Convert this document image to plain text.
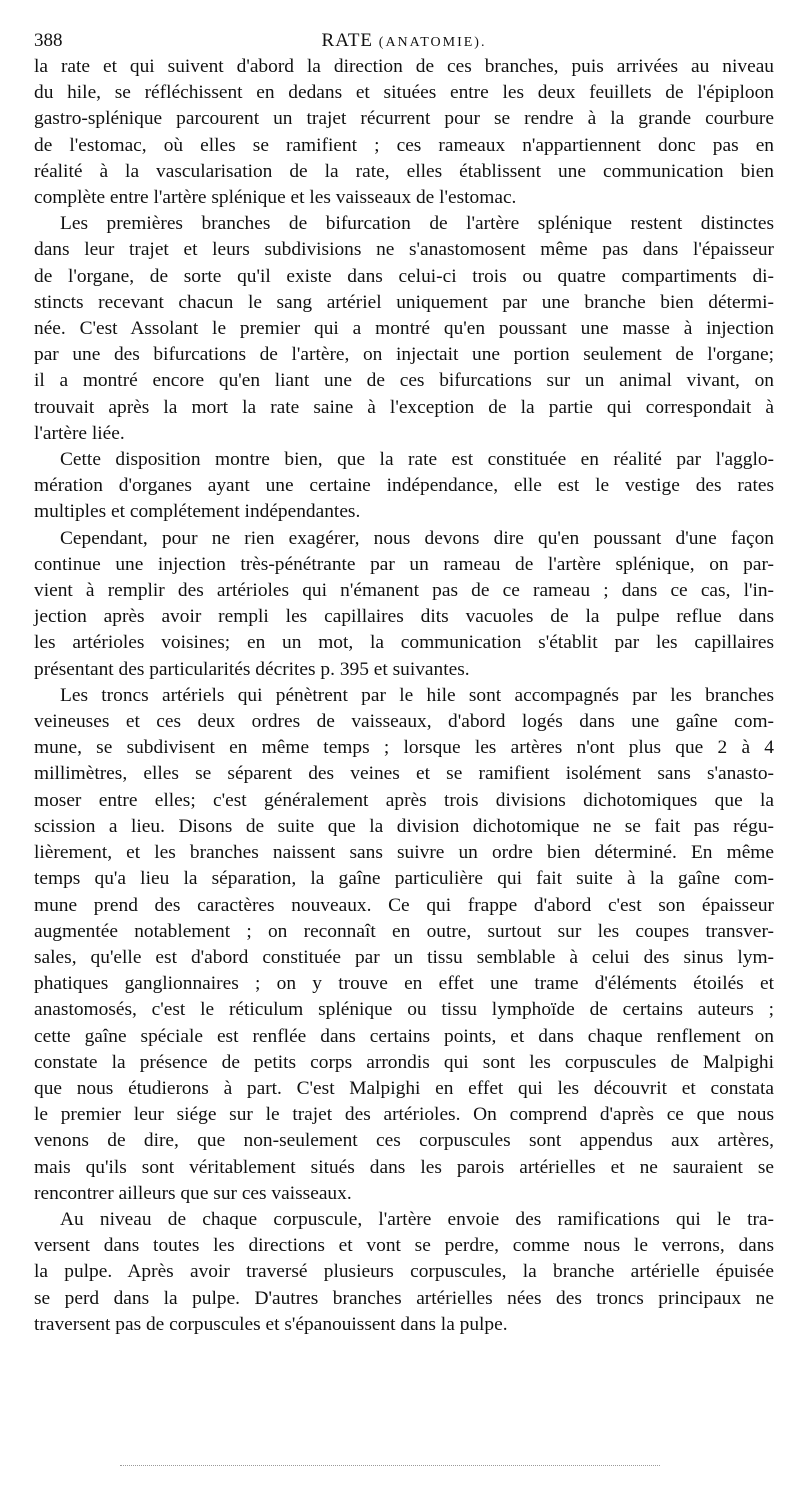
388	RATE (ANATOMIE).

la rate et qui suivent d'abord la direction de ces branches, puis arrivées au niveau
du hile, se réfléchissent en dedans et situées entre les deux feuillets de l'épiploon
gastro-splénique parcourent un trajet récurrent pour se rendre à la grande courbure
de l'estomac, où elles se ramifient ; ces rameaux n'appartiennent donc pas en
réalité à la vascularisation de la rate, elles établissent une communication bien
complète entre l'artère splénique et les vaisseaux de l'estomac.

Les premières branches de bifurcation de l'artère splénique restent distinctes
dans leur trajet et leurs subdivisions ne s'anastomosent même pas dans l'épaisseur
de l'organe, de sorte qu'il existe dans celui-ci trois ou quatre compartiments di-
stincts recevant chacun le sang artériel uniquement par une branche bien détermi-
née. C'est Assolant le premier qui a montré qu'en poussant une masse à injection
par une des bifurcations de l'artère, on injectait une portion seulement de l'organe;
il a montré encore qu'en liant une de ces bifurcations sur un animal vivant, on
trouvait après la mort la rate saine à l'exception de la partie qui correspondait à
l'artère liée.

Cette disposition montre bien, que la rate est constituée en réalité par l'agglo-
mération d'organes ayant une certaine indépendance, elle est le vestige des rates
multiples et complétement indépendantes.

Cependant, pour ne rien exagérer, nous devons dire qu'en poussant d'une façon
continue une injection très-pénétrante par un rameau de l'artère splénique, on par-
vient à remplir des artérioles qui n'émanent pas de ce rameau ; dans ce cas, l'in-
jection après avoir rempli les capillaires dits vacuoles de la pulpe reflue dans
les artérioles voisines; en un mot, la communication s'établit par les capillaires
présentant des particularités décrites p. 395 et suivantes.

Les troncs artériels qui pénètrent par le hile sont accompagnés par les branches
veineuses et ces deux ordres de vaisseaux, d'abord logés dans une gaîne com-
mune, se subdivisent en même temps ; lorsque les artères n'ont plus que 2 à 4
millimètres, elles se séparent des veines et se ramifient isolément sans s'anasto-
moser entre elles; c'est généralement après trois divisions dichotomiques que la
scission a lieu. Disons de suite que la division dichotomique ne se fait pas régu-
lièrement, et les branches naissent sans suivre un ordre bien déterminé. En même
temps qu'a lieu la séparation, la gaîne particulière qui fait suite à la gaîne com-
mune prend des caractères nouveaux. Ce qui frappe d'abord c'est son épaisseur
augmentée notablement ; on reconnaît en outre, surtout sur les coupes transver-
sales, qu'elle est d'abord constituée par un tissu semblable à celui des sinus lym-
phatiques ganglionnaires ; on y trouve en effet une trame d'éléments étoilés et
anastomosés, c'est le réticulum splénique ou tissu lymphoïde de certains auteurs ;
cette gaîne spéciale est renflée dans certains points, et dans chaque renflement on
constate la présence de petits corps arrondis qui sont les corpuscules de Malpighi
que nous étudierons à part. C'est Malpighi en effet qui les découvrit et constata
le premier leur siége sur le trajet des artérioles. On comprend d'après ce que nous
venons de dire, que non-seulement ces corpuscules sont appendus aux artères,
mais qu'ils sont véritablement situés dans les parois artérielles et ne sauraient se
rencontrer ailleurs que sur ces vaisseaux.

Au niveau de chaque corpuscule, l'artère envoie des ramifications qui le tra-
versent dans toutes les directions et vont se perdre, comme nous le verrons, dans
la pulpe. Après avoir traversé plusieurs corpuscules, la branche artérielle épuisée
se perd dans la pulpe. D'autres branches artérielles nées des troncs principaux ne
traversent pas de corpuscules et s'épanouissent dans la pulpe.
